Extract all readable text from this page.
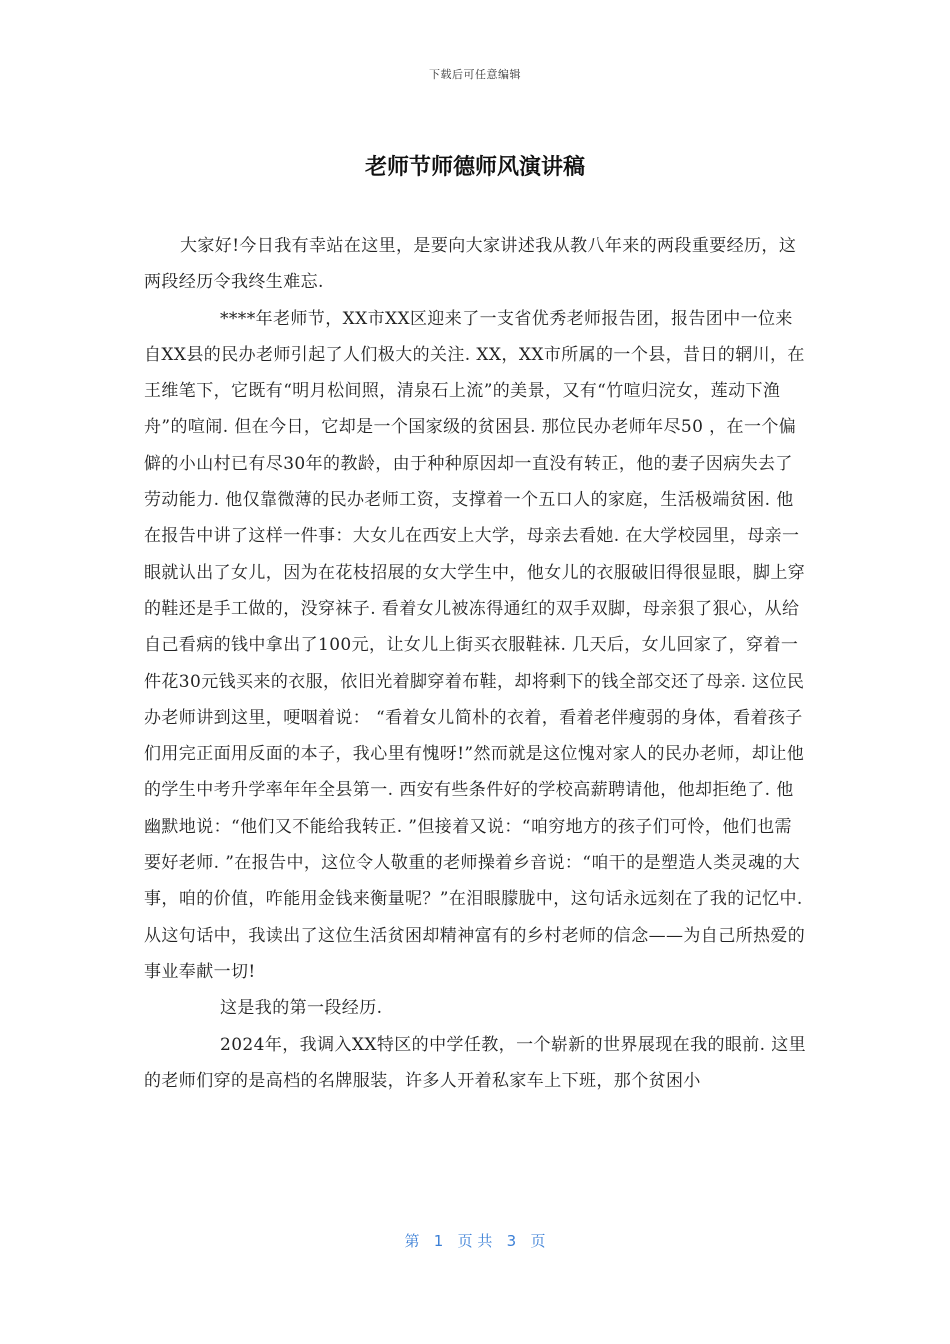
下载后可任意编辑
老师节师德师风演讲稿

大家好!今日我有幸站在这里，是要向大家讲述我从教八年来的两段重要经历，这两段经历令我终生难忘.

****年老师节，XX市XX区迎来了一支省优秀老师报告团，报告团中一位来自XX县的民办老师引起了人们极大的关注. XX，XX市所属的一个县，昔日的辋川，在王维笔下，它既有“明月松间照，清泉石上流”的美景，又有“竹喧归浣女，莲动下渔舟”的喧闹. 但在今日，它却是一个国家级的贫困县. 那位民办老师年尽50 ，在一个偏僻的小山村已有尽30年的教龄，由于种种原因却一直没有转正，他的妻子因病失去了劳动能力. 他仅靠微薄的民办老师工资，支撑着一个五口人的家庭，生活极端贫困. 他在报告中讲了这样一件事：大女儿在西安上大学，母亲去看她. 在大学校园里，母亲一眼就认出了女儿，因为在花枝招展的女大学生中，他女儿的衣服破旧得很显眼，脚上穿的鞋还是手工做的，没穿袜子. 看着女儿被冻得通红的双手双脚，母亲狠了狠心，从给自己看病的钱中拿出了100元，让女儿上街买衣服鞋袜. 几天后，女儿回家了，穿着一件花30元钱买来的衣服，依旧光着脚穿着布鞋，却将剩下的钱全部交还了母亲. 这位民办老师讲到这里，哽咽着说： “看着女儿简朴的衣着，看着老伴瘦弱的身体，看着孩子们用完正面用反面的本子，我心里有愧呀!”然而就是这位愧对家人的民办老师，却让他的学生中考升学率年年全县第一. 西安有些条件好的学校高薪聘请他，他却拒绝了. 他幽默地说：“他们又不能给我转正. ”但接着又说：“咱穷地方的孩子们可怜，他们也需要好老师. ”在报告中，这位令人敬重的老师操着乡音说：“咱干的是塑造人类灵魂的大事，咱的价值，咋能用金钱来衡量呢？”在泪眼朦胧中，这句话永远刻在了我的记忆中. 从这句话中，我读出了这位生活贫困却精神富有的乡村老师的信念——为自己所热爱的事业奉献一切!

这是我的第一段经历.

2024年，我调入XX特区的中学任教，一个崭新的世界展现在我的眼前. 这里的老师们穿的是高档的名牌服装，许多人开着私家车上下班，那个贫困小

第   1   页 共   3   页
